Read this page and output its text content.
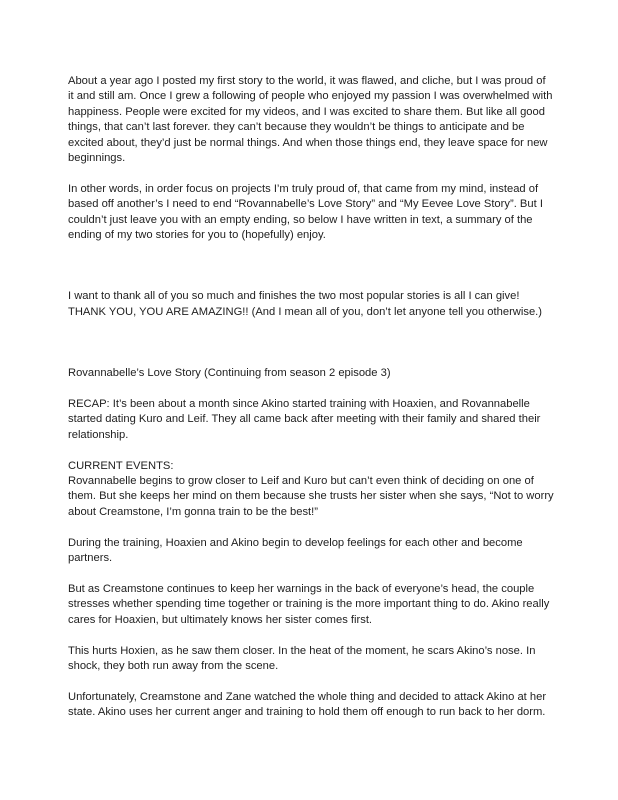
About a year ago I posted my first story to the world, it was flawed, and cliche, but I was proud of it and still am. Once I grew a following of people who enjoyed my passion I was overwhelmed with happiness. People were excited for my videos, and I was excited to share them. But like all good things, that can’t last forever. they can’t because they wouldn’t be things to anticipate and be excited about, they’d just be normal things. And when those things end, they leave space for new beginnings.

In other words, in order focus on projects I’m truly proud of, that came from my mind, instead of based off another’s I need to end “Rovannabelle’s Love Story” and “My Eevee Love Story”. But I couldn’t just leave you with an empty ending, so below I have written in text, a summary of the ending of my two stories for you to (hopefully) enjoy.

I want to thank all of you so much and finishes the two most popular stories is all I can give! THANK YOU, YOU ARE AMAZING!! (And I mean all of you, don’t let anyone tell you otherwise.)

Rovannabelle’s Love Story (Continuing from season 2 episode 3)

RECAP: It’s been about a month since Akino started training with Hoaxien, and Rovannabelle started dating Kuro and Leif. They all came back after meeting with their family and shared their relationship.

CURRENT EVENTS:

Rovannabelle begins to grow closer to Leif and Kuro but can’t even think of deciding on one of them. But she keeps her mind on them because she trusts her sister when she says, “Not to worry about Creamstone, I’m gonna train to be the best!”

During the training, Hoaxien and Akino begin to develop feelings for each other and become partners.

But as Creamstone continues to keep her warnings in the back of everyone’s head, the couple stresses whether spending time together or training is the more important thing to do. Akino really cares for Hoaxien, but ultimately knows her sister comes first.

This hurts Hoxien, as he saw them closer. In the heat of the moment, he scars Akino’s nose. In shock, they both run away from the scene.

Unfortunately, Creamstone and Zane watched the whole thing and decided to attack Akino at her state. Akino uses her current anger and training to hold them off enough to run back to her dorm.
